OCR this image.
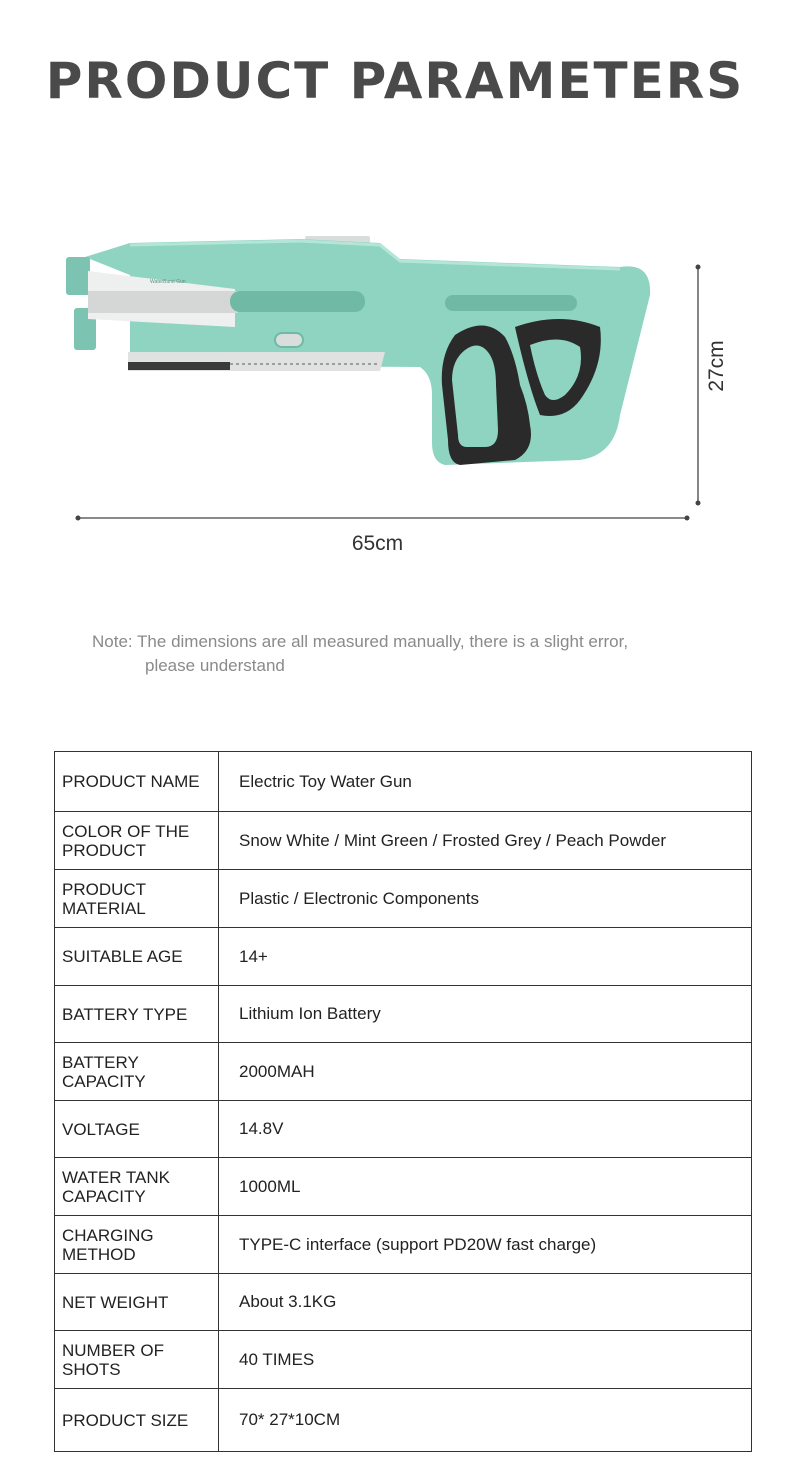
PRODUCT PARAMETERS
WaterBurst Gun
65cm
27cm
Note: The dimensions are all measured manually, there is a slight error,
please understand
PRODUCT NAME	Electric Toy Water Gun
COLOR OF THE PRODUCT	Snow White / Mint Green / Frosted Grey / Peach Powder
PRODUCT MATERIAL	Plastic / Electronic Components
SUITABLE AGE	14+
BATTERY TYPE	Lithium Ion Battery
BATTERY CAPACITY	2000MAH
VOLTAGE	14.8V
WATER TANK CAPACITY	1000ML
CHARGING METHOD	TYPE-C interface (support PD20W fast charge)
NET WEIGHT	About 3.1KG
NUMBER OF SHOTS	40 TIMES
PRODUCT SIZE	70* 27*10CM
